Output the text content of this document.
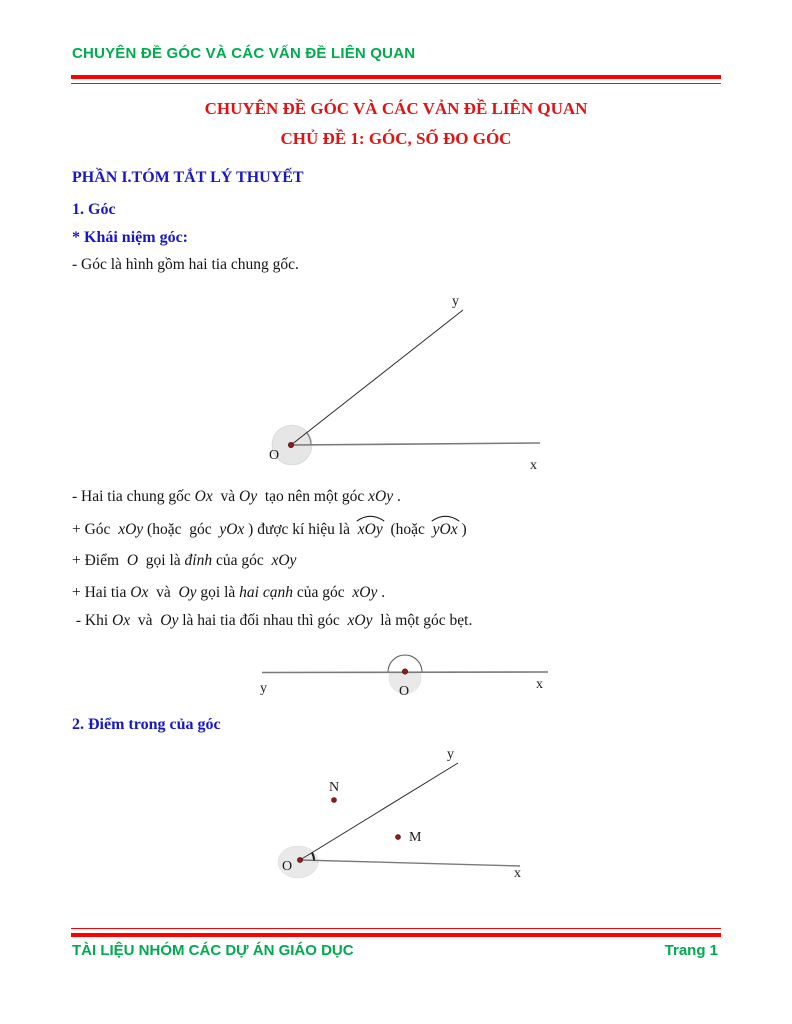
CHUYÊN ĐỀ GÓC VÀ CÁC VẤN ĐỀ LIÊN QUAN
CHUYÊN ĐỀ GÓC VÀ CÁC VẢN ĐỀ LIÊN QUAN
CHỦ ĐỀ 1: GÓC, SỐ ĐO GÓC
PHẦN I.TÓM TẮT LÝ THUYẾT
1. Góc
* Khái niệm góc:
- Góc là hình gồm hai tia chung gốc.
y
x
O
- Hai tia chung gốc Ox  và Oy  tạo nên một góc xOy .
+ Góc  xOy (hoặc  góc  yOx ) được kí hiệu là
xOy  (hoặc
yOx )
+ Điểm  O  gọi là đỉnh của góc  xOy
+ Hai tia Ox  và  Oy gọi là hai cạnh của góc  xOy .
- Khi Ox  và  Oy là hai tia đối nhau thì góc  xOy  là một góc bẹt.
y	O	x
2. Điểm trong của góc
N
M
O
y
x
TÀI LIỆU NHÓM CÁC DỰ ÁN GIÁO DỤC	Trang 1
